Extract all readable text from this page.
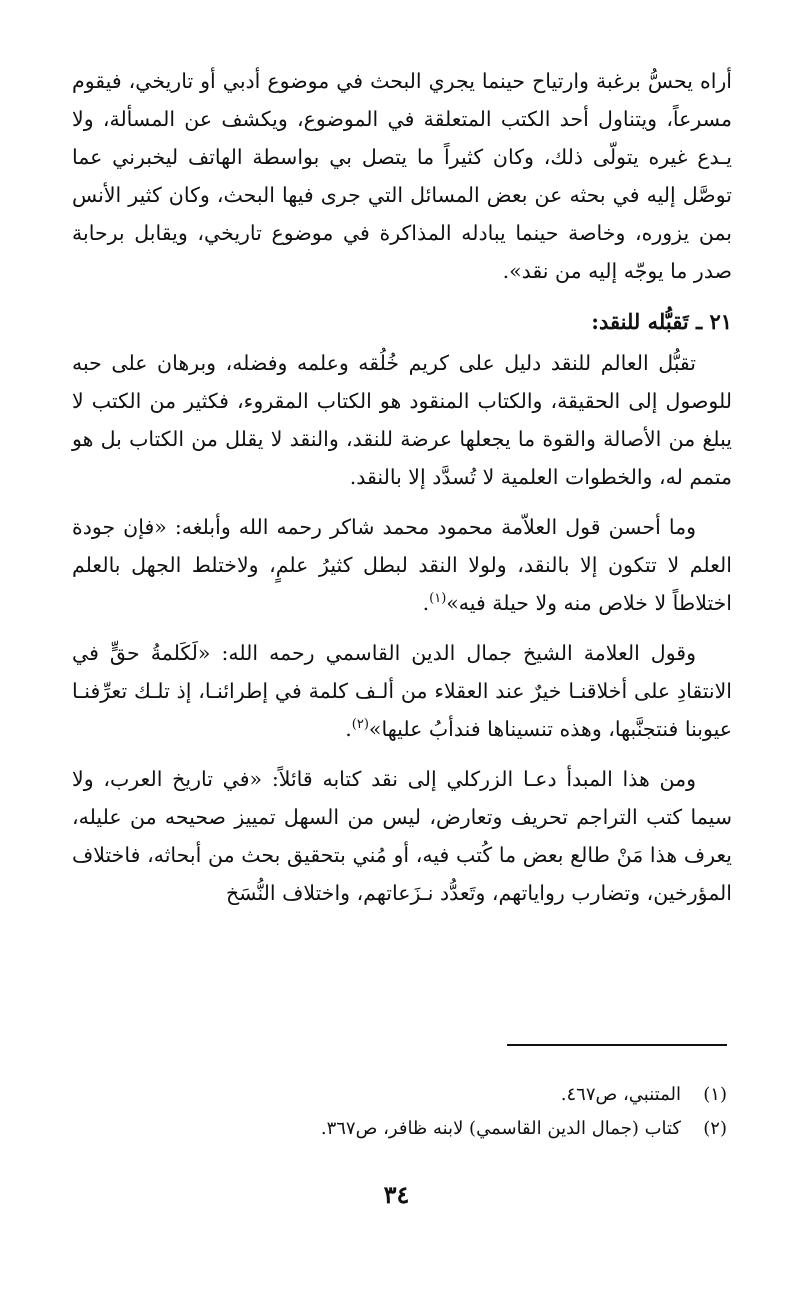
أراه يحسُّ برغبة وارتياح حينما يجري البحث في موضوع أدبي أو تاريخي، فيقوم مسرعاً، ويتناول أحد الكتب المتعلقة في الموضوع، ويكشف عن المسألة، ولا يـدع غيره يتولّى ذلك، وكان كثيراً ما يتصل بي بواسطة الهاتف ليخبرني عما توصَّل إليه في بحثه عن بعض المسائل التي جرى فيها البحث، وكان كثير الأنس بمن يزوره، وخاصة حينما يبادله المذاكرة في موضوع تاريخي، ويقابل برحابة صدر ما يوجّه إليه من نقد».

٢١ ـ تَقبُّله للنقد:

تقبُّل العالم للنقد دليل على كريم خُلُقه وعلمه وفضله، وبرهان على حبه للوصول إلى الحقيقة، والكتاب المنقود هو الكتاب المقروء، فكثير من الكتب لا يبلغ من الأصالة والقوة ما يجعلها عرضة للنقد، والنقد لا يقلل من الكتاب بل هو متمم له، والخطوات العلمية لا تُسدَّد إلا بالنقد.

وما أحسن قول العلاّمة محمود محمد شاكر رحمه الله وأبلغه: «فإن جودة العلم لا تتكون إلا بالنقد، ولولا النقد لبطل كثيرُ علمٍ، ولاختلط الجهل بالعلم اختلاطاً لا خلاص منه ولا حيلة فيه»$^{(١)}$.

وقول العلامة الشيخ جمال الدين القاسمي رحمه الله: «لَكَلمةُ حقٍّ في الانتقادِ على أخلاقنـا خيرٌ عند العقلاء من ألـف كلمة في إطرائنـا، إذ تلـك تعرِّفنـا عيوبنا فنتجنَّبها، وهذه تنسيناها فندأبُ عليها»$^{(٢)}$.

ومن هذا المبدأ دعـا الزركلي إلى نقد كتابه قائلاً: «في تاريخ العرب، ولا سيما كتب التراجم تحريف وتعارض، ليس من السهل تمييز صحيحه من عليله، يعرف هذا مَنْ طالع بعض ما كُتب فيه، أو مُني بتحقيق بحث من أبحاثه، فاختلاف المؤرخين، وتضارب رواياتهم، وتَعدُّد نـزَعاتهم، واختلاف النُّسَخ

(١)
المتنبي، ص٤٦٧.
(٢)
كتاب (جمال الدين القاسمي) لابنه ظافر، ص٣٦٧.
٣٤
